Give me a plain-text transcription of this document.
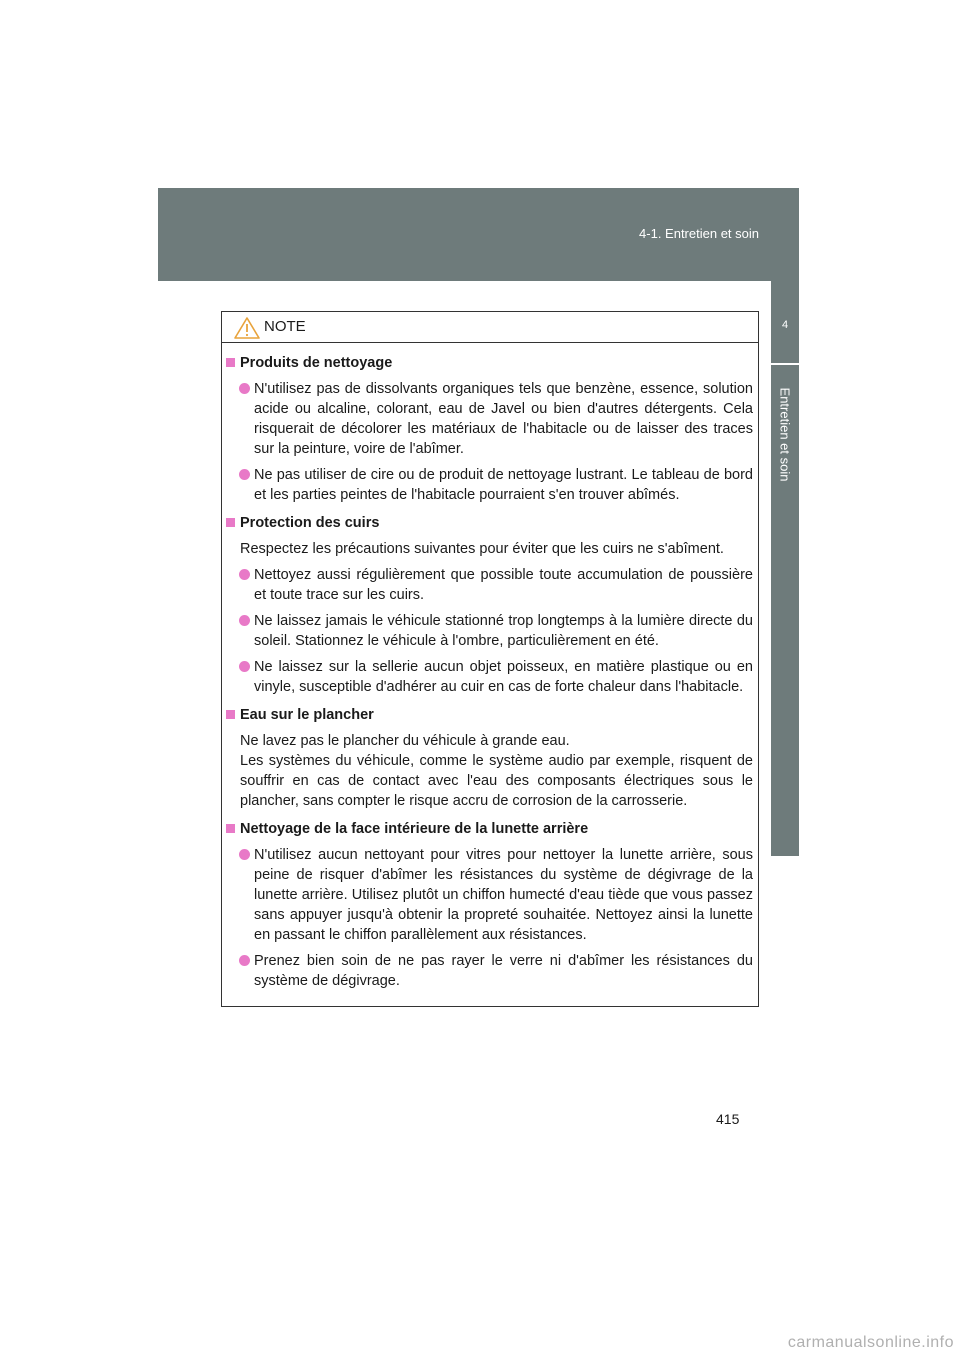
4-1. Entretien et soin
4
Entretien et soin
NOTE
Produits de nettoyage
N'utilisez pas de dissolvants organiques tels que benzène, essence, solution acide ou alcaline, colorant, eau de Javel ou bien d'autres détergents. Cela risquerait de décolorer les matériaux de l'habitacle ou de laisser des traces sur la peinture, voire de l'abîmer.
Ne pas utiliser de cire ou de produit de nettoyage lustrant. Le tableau de bord et les parties peintes de l'habitacle pourraient s'en trouver abîmés.
Protection des cuirs
Respectez les précautions suivantes pour éviter que les cuirs ne s'abîment.
Nettoyez aussi régulièrement que possible toute accumulation de poussière et toute trace sur les cuirs.
Ne laissez jamais le véhicule stationné trop longtemps à la lumière directe du soleil. Stationnez le véhicule à l'ombre, particulièrement en été.
Ne laissez sur la sellerie aucun objet poisseux, en matière plastique ou en vinyle, susceptible d'adhérer au cuir en cas de forte chaleur dans l'habitacle.
Eau sur le plancher
Ne lavez pas le plancher du véhicule à grande eau.
Les systèmes du véhicule, comme le système audio par exemple, risquent de souffrir en cas de contact avec l'eau des composants électriques sous le plancher, sans compter le risque accru de corrosion de la carrosserie.
Nettoyage de la face intérieure de la lunette arrière
N'utilisez aucun nettoyant pour vitres pour nettoyer la lunette arrière, sous peine de risquer d'abîmer les résistances du système de dégivrage de la lunette arrière. Utilisez plutôt un chiffon humecté d'eau tiède que vous passez sans appuyer jusqu'à obtenir la propreté souhaitée. Nettoyez ainsi la lunette en passant le chiffon parallèlement aux résistances.
Prenez bien soin de ne pas rayer le verre ni d'abîmer les résistances du système de dégivrage.
415
carmanualsonline.info
